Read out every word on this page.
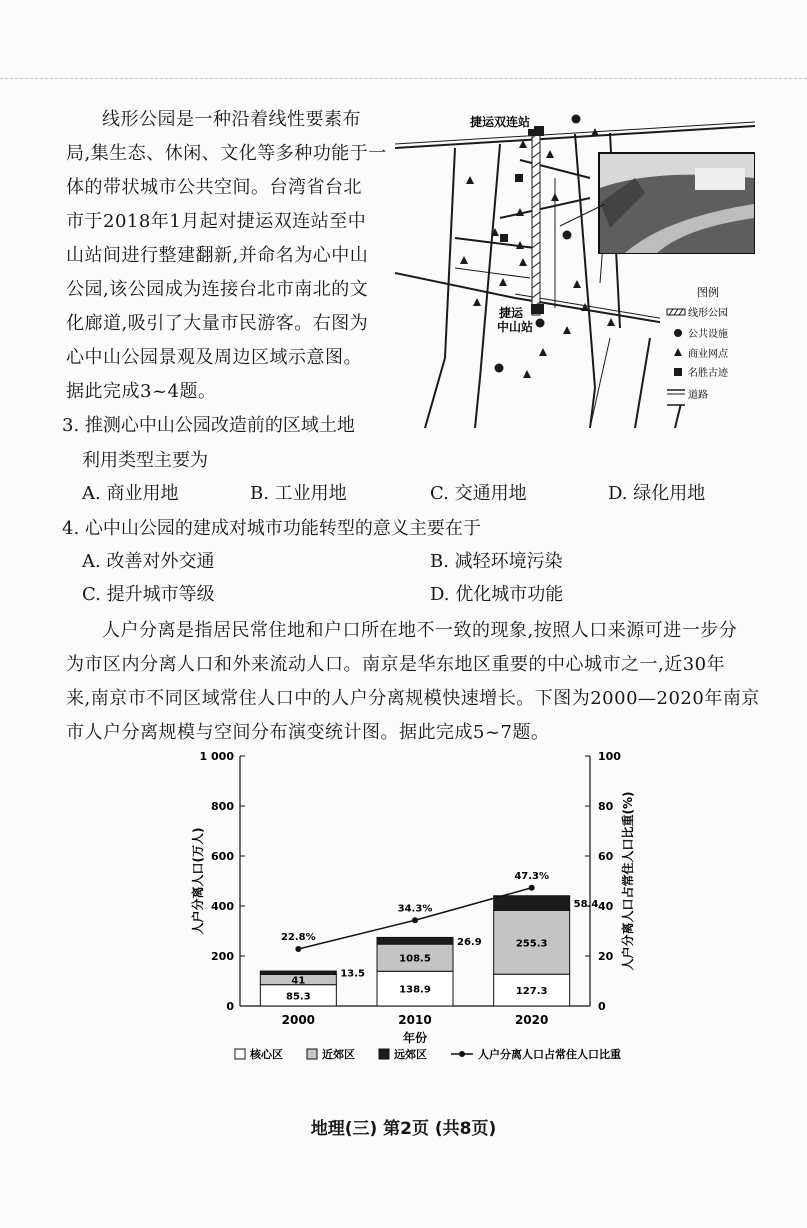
线形公园是一种沿着线性要素布
局,集生态、休闲、文化等多种功能于一
体的带状城市公共空间。台湾省台北
市于2018年1月起对捷运双连站至中
山站间进行整建翻新,并命名为心中山
公园,该公园成为连接台北市南北的文
化廊道,吸引了大量市民游客。右图为
心中山公园景观及周边区域示意图。
据此完成3~4题。
捷运双连站
捷运
中山站
图例
线形公园
公共设施
商业网点
名胜古迹
道路
3. 推测心中山公园改造前的区域土地
利用类型主要为
A. 商业用地	B. 工业用地	C. 交通用地	D. 绿化用地
4. 心中山公园的建成对城市功能转型的意义主要在于
A. 改善对外交通	B. 减轻环境污染
C. 提升城市等级	D. 优化城市功能
人户分离是指居民常住地和户口所在地不一致的现象,按照人口来源可进一步分
为市区内分离人口和外来流动人口。南京是华东地区重要的中心城市之一,近30年
来,南京市不同区域常住人口中的人户分离规模快速增长。下图为2000—2020年南京
市人户分离规模与空间分布演变统计图。据此完成5~7题。
0
200
400
600
800
1 000
0
20
40
60
80
100
人户分离人口(万人)	人户分离人口占常住人口比重(%)
2000	2010	2020
年份
85.3
41
13.5
138.9
108.5
26.9
127.3
255.3
58.4
22.8%
34.3%
47.3%
核心区	近郊区	远郊区	人户分离人口占常住人口比重
地理(三) 第2页 (共8页)
